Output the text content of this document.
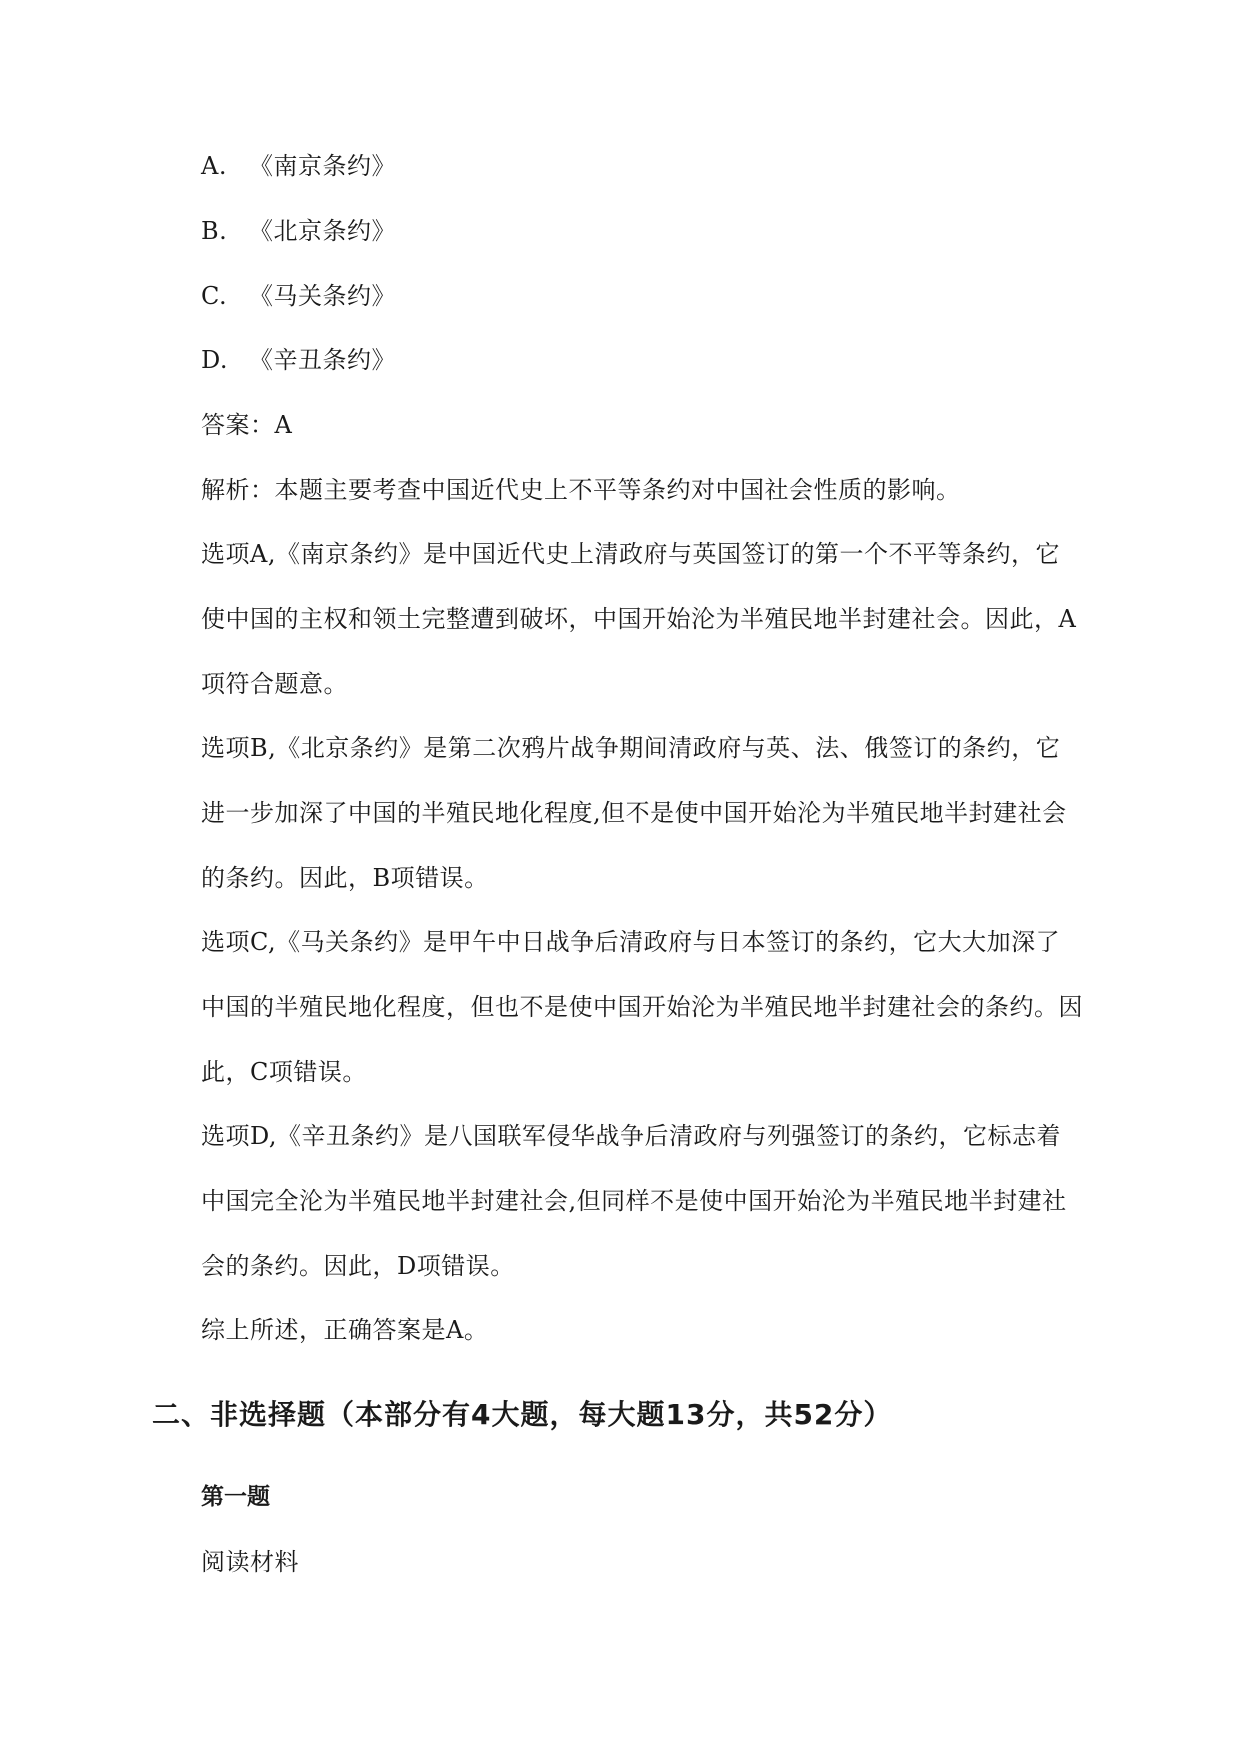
A. 《南京条约》
B. 《北京条约》
C. 《马关条约》
D. 《辛丑条约》
答案：A
解析：本题主要考查中国近代史上不平等条约对中国社会性质的影响。
选项A,《南京条约》是中国近代史上清政府与英国签订的第一个不平等条约，它
使中国的主权和领土完整遭到破坏，中国开始沦为半殖民地半封建社会。因此，A
项符合题意。
选项B,《北京条约》是第二次鸦片战争期间清政府与英、法、俄签订的条约，它
进一步加深了中国的半殖民地化程度,但不是使中国开始沦为半殖民地半封建社会
的条约。因此，B项错误。
选项C,《马关条约》是甲午中日战争后清政府与日本签订的条约，它大大加深了
中国的半殖民地化程度，但也不是使中国开始沦为半殖民地半封建社会的条约。因
此，C项错误。
选项D,《辛丑条约》是八国联军侵华战争后清政府与列强签订的条约，它标志着
中国完全沦为半殖民地半封建社会,但同样不是使中国开始沦为半殖民地半封建社
会的条约。因此，D项错误。
综上所述，正确答案是A。
二、非选择题（本部分有4大题，每大题13分，共52分）
第一题
阅读材料
